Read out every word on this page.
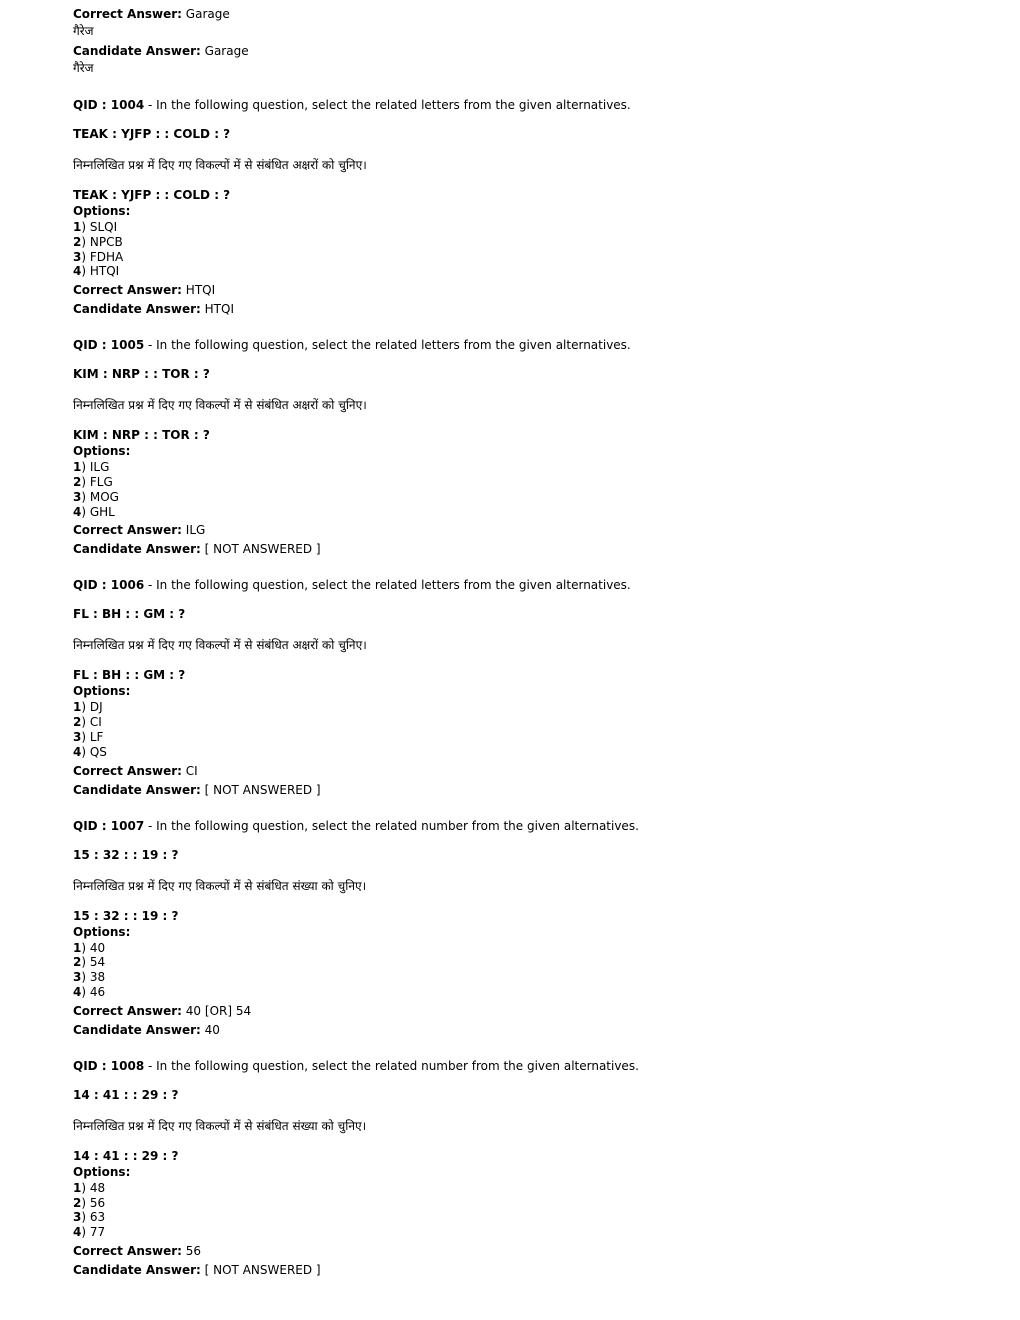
Correct Answer: Garage
गैरेज
Candidate Answer: Garage
गैरेज
QID : 1004 - In the following question, select the related letters from the given alternatives.
TEAK : YJFP : : COLD : ?
निम्नलिखित प्रश्न में दिए गए विकल्पों में से संबंधित अक्षरों को चुनिए।
TEAK : YJFP : : COLD : ?
Options:
1) SLQI
2) NPCB
3) FDHA
4) HTQI
Correct Answer: HTQI
Candidate Answer: HTQI
QID : 1005 - In the following question, select the related letters from the given alternatives.
KIM : NRP : : TOR : ?
निम्नलिखित प्रश्न में दिए गए विकल्पों में से संबंधित अक्षरों को चुनिए।
KIM : NRP : : TOR : ?
Options:
1) ILG
2) FLG
3) MOG
4) GHL
Correct Answer: ILG
Candidate Answer: [ NOT ANSWERED ]
QID : 1006 - In the following question, select the related letters from the given alternatives.
FL : BH : : GM : ?
निम्नलिखित प्रश्न में दिए गए विकल्पों में से संबंधित अक्षरों को चुनिए।
FL : BH : : GM : ?
Options:
1) DJ
2) CI
3) LF
4) QS
Correct Answer: CI
Candidate Answer: [ NOT ANSWERED ]
QID : 1007 - In the following question, select the related number from the given alternatives.
15 : 32 : : 19 : ?
निम्नलिखित प्रश्न में दिए गए विकल्पों में से संबंधित संख्या को चुनिए।
15 : 32 : : 19 : ?
Options:
1) 40
2) 54
3) 38
4) 46
Correct Answer: 40 [OR] 54
Candidate Answer: 40
QID : 1008 - In the following question, select the related number from the given alternatives.
14 : 41 : : 29 : ?
निम्नलिखित प्रश्न में दिए गए विकल्पों में से संबंधित संख्या को चुनिए।
14 : 41 : : 29 : ?
Options:
1) 48
2) 56
3) 63
4) 77
Correct Answer: 56
Candidate Answer: [ NOT ANSWERED ]
